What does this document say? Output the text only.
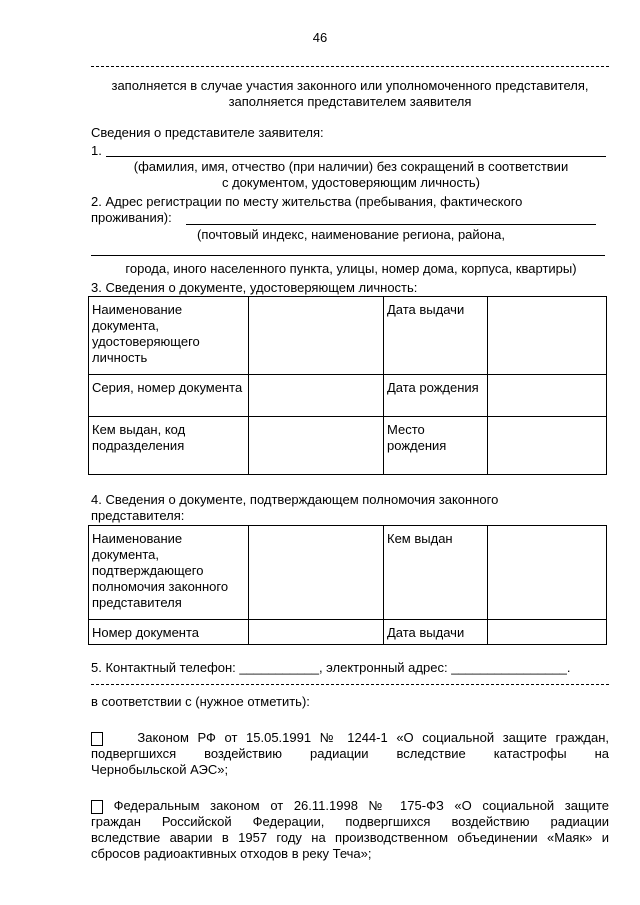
46
заполняется в случае участия законного или уполномоченного представителя,
заполняется представителем заявителя
Сведения о представителе заявителя:
1.
(фамилия, имя, отчество (при наличии) без сокращений в соответствии
с документом, удостоверяющим личность)
2. Адрес регистрации по месту жительства (пребывания, фактического
проживания):
(почтовый индекс, наименование региона, района,
города, иного населенного пункта, улицы, номер дома, корпуса, квартиры)
3. Сведения о документе, удостоверяющем личность:
Наименование документа, удостоверяющего личность		Дата выдачи	
Серия, номер документа		Дата рождения	
Кем выдан, код подразделения		Место рождения	
4. Сведения о документе, подтверждающем полномочия законного
представителя:
Наименование документа, подтверждающего полномочия законного представителя		Кем выдан	
Номер документа		Дата выдачи	
5. Контактный телефон: ___________, электронный адрес: ________________.
в соответствии с (нужное отметить):
Законом РФ от 15.05.1991 № 1244-1 «О социальной защите граждан,
подвергшихся воздействию радиации вследствие катастрофы на
Чернобыльской АЭС»;
Федеральным законом от 26.11.1998 № 175-ФЗ «О социальной защите
граждан Российской Федерации, подвергшихся воздействию радиации
вследствие аварии в 1957 году на производственном объединении «Маяк» и
сбросов радиоактивных отходов в реку Теча»;
